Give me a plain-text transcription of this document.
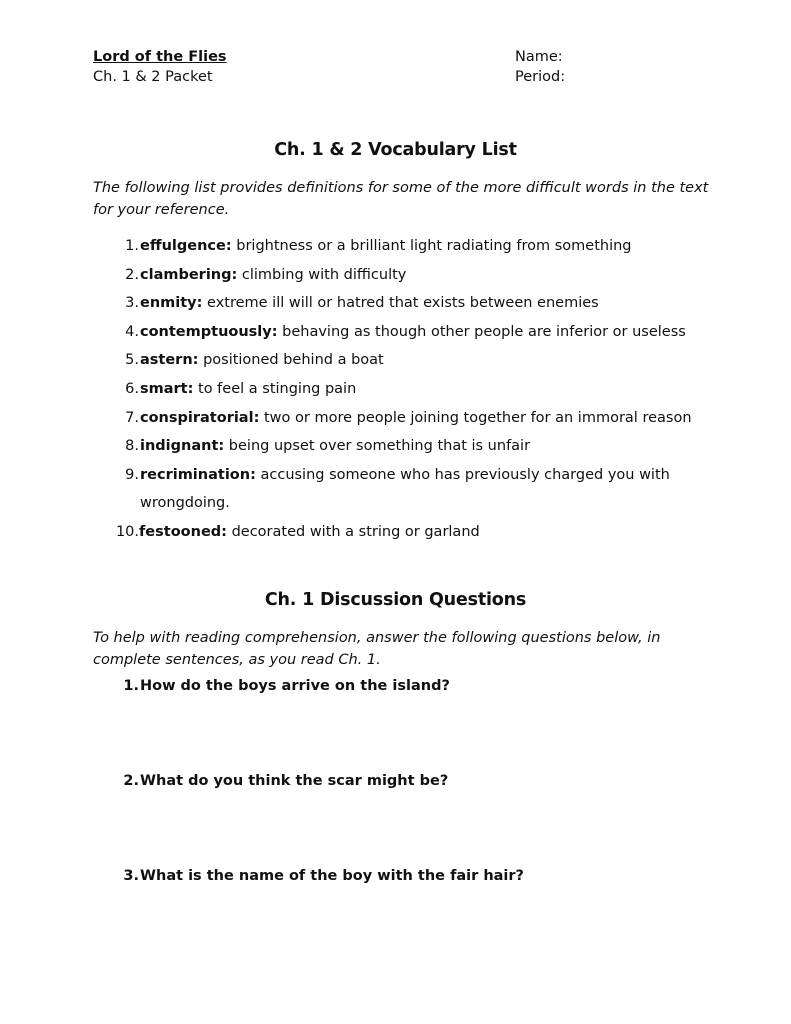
Lord of the Flies
Ch. 1 & 2 Packet
Name:
Period:
Ch. 1 & 2 Vocabulary List
The following list provides definitions for some of the more difficult words in the text for your reference.
1. effulgence: brightness or a brilliant light radiating from something
2. clambering: climbing with difficulty
3. enmity: extreme ill will or hatred that exists between enemies
4. contemptuously: behaving as though other people are inferior or useless
5. astern: positioned behind a boat
6. smart: to feel a stinging pain
7. conspiratorial: two or more people joining together for an immoral reason
8. indignant: being upset over something that is unfair
9. recrimination: accusing someone who has previously charged you with wrongdoing.
10. festooned: decorated with a string or garland
Ch. 1 Discussion Questions
To help with reading comprehension, answer the following questions below, in complete sentences, as you read Ch. 1.
1. How do the boys arrive on the island?
2. What do you think the scar might be?
3. What is the name of the boy with the fair hair?
